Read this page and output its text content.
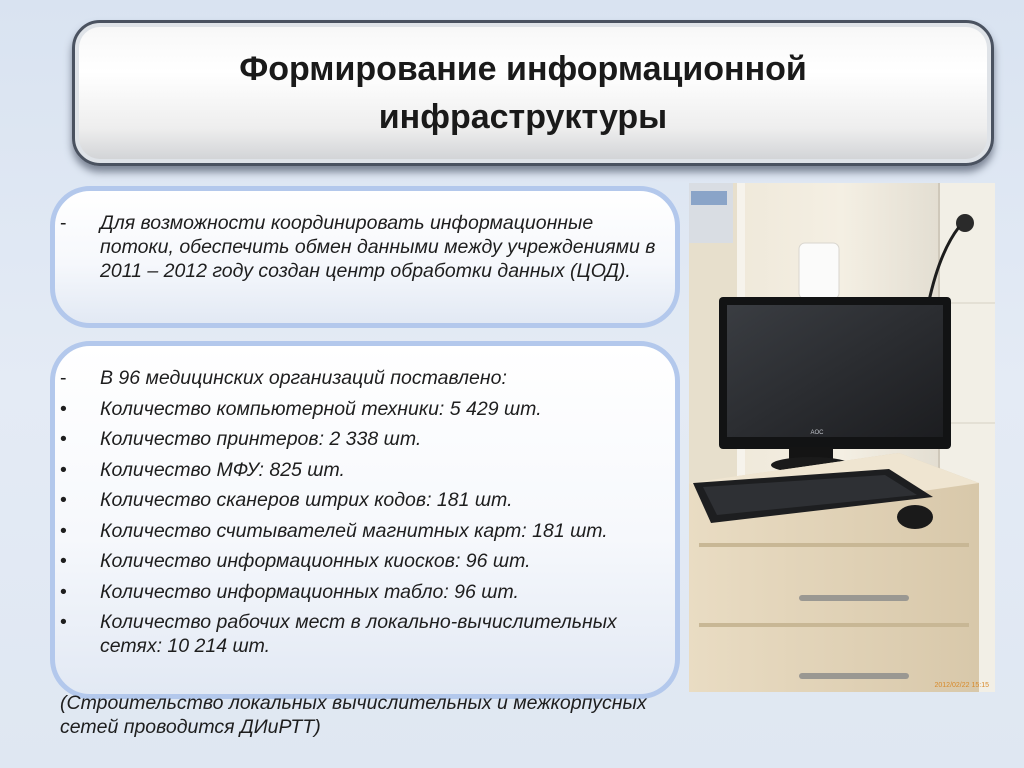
Формирование информационной инфраструктуры
- Для возможности координировать информационные потоки, обеспечить обмен данными между учреждениями в 2011 – 2012 году создан центр обработки данных (ЦОД).
- В 96 медицинских организаций поставлено:
• Количество компьютерной техники: 5 429 шт.
• Количество принтеров: 2 338 шт.
• Количество МФУ: 825 шт.
• Количество сканеров штрих кодов: 181 шт.
• Количество считывателей магнитных карт: 181 шт.
• Количество информационных киосков: 96 шт.
• Количество информационных табло: 96 шт.
• Количество рабочих мест в локально-вычислительных сетях: 10 214 шт.
(Строительство локальных вычислительных и межкорпусных сетей проводится ДИиРТТ)
2012/02/22 15:15
AOC
